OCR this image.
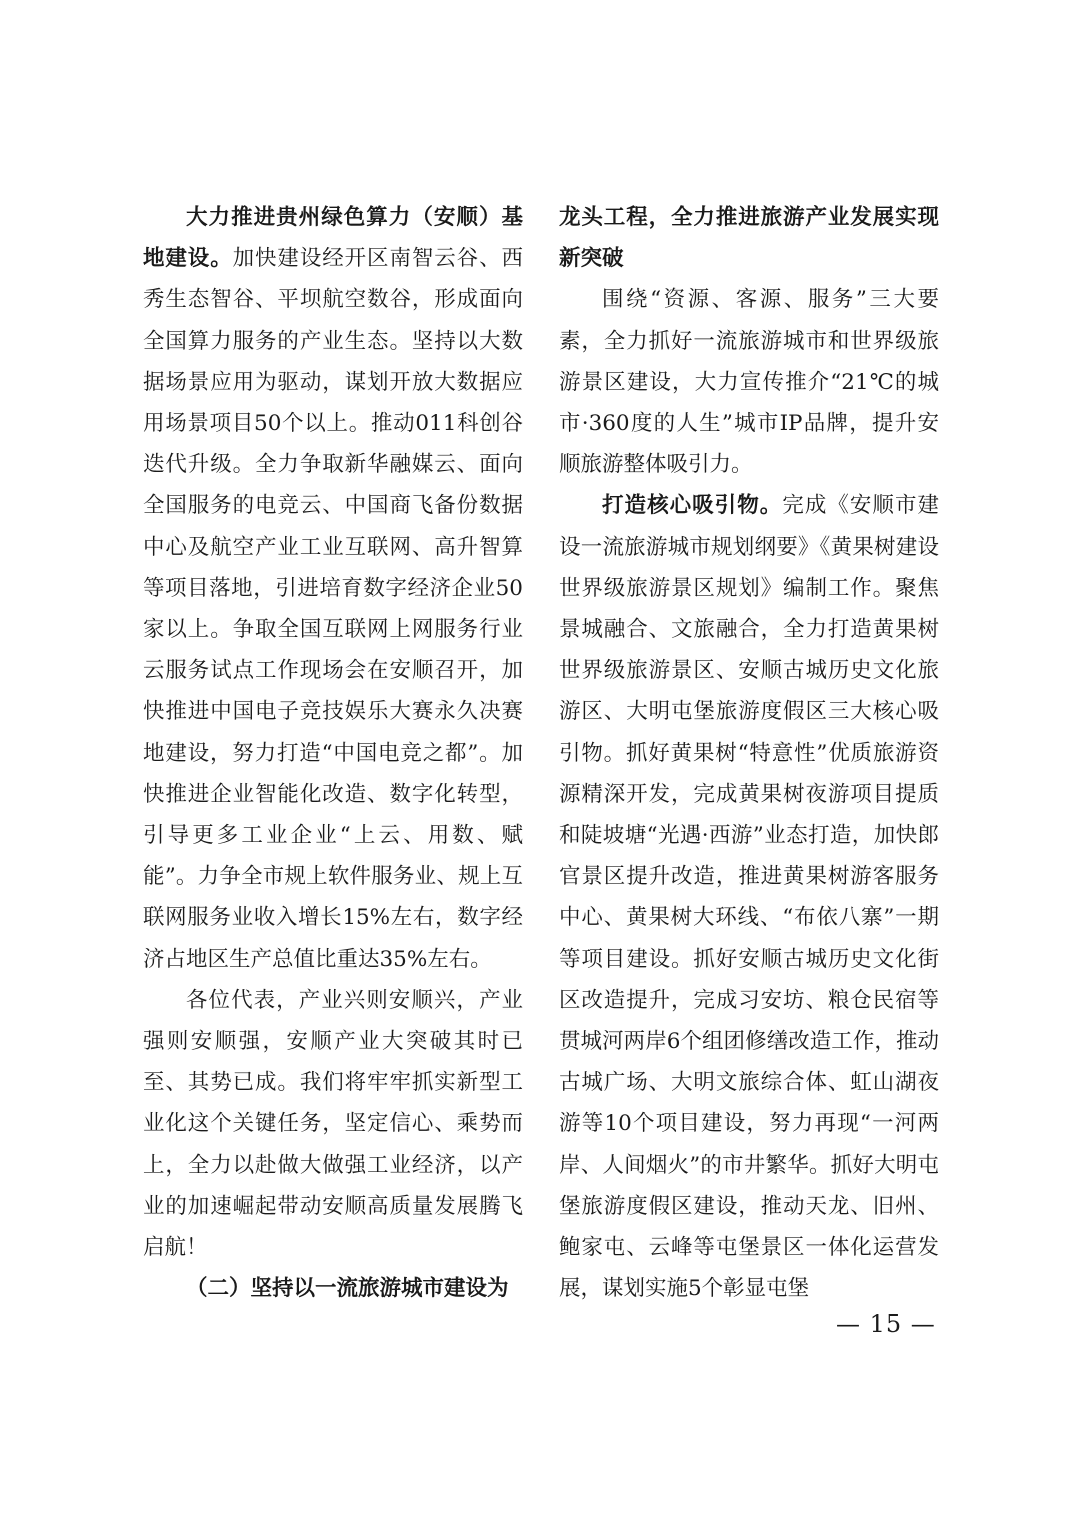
大力推进贵州绿色算力（安顺）基地建设。加快建设经开区南智云谷、西秀生态智谷、平坝航空数谷，形成面向全国算力服务的产业生态。坚持以大数据场景应用为驱动，谋划开放大数据应用场景项目50个以上。推动011科创谷迭代升级。全力争取新华融媒云、面向全国服务的电竞云、中国商飞备份数据中心及航空产业工业互联网、高升智算等项目落地，引进培育数字经济企业50家以上。争取全国互联网上网服务行业云服务试点工作现场会在安顺召开，加快推进中国电子竞技娱乐大赛永久决赛地建设，努力打造“中国电竞之都”。加快推进企业智能化改造、数字化转型，引导更多工业企业“上云、用数、赋能”。力争全市规上软件服务业、规上互联网服务业收入增长15%左右，数字经济占地区生产总值比重达35%左右。

各位代表，产业兴则安顺兴，产业强则安顺强，安顺产业大突破其时已至、其势已成。我们将牢牢抓实新型工业化这个关键任务，坚定信心、乘势而上，全力以赴做大做强工业经济，以产业的加速崛起带动安顺高质量发展腾飞启航！

（二）坚持以一流旅游城市建设为

龙头工程，全力推进旅游产业发展实现新突破

围绕“资源、客源、服务”三大要素，全力抓好一流旅游城市和世界级旅游景区建设，大力宣传推介“21℃的城市·360度的人生”城市IP品牌，提升安顺旅游整体吸引力。

打造核心吸引物。完成《安顺市建设一流旅游城市规划纲要》《黄果树建设世界级旅游景区规划》编制工作。聚焦景城融合、文旅融合，全力打造黄果树世界级旅游景区、安顺古城历史文化旅游区、大明屯堡旅游度假区三大核心吸引物。抓好黄果树“特意性”优质旅游资源精深开发，完成黄果树夜游项目提质和陡坡塘“光遇·西游”业态打造，加快郎官景区提升改造，推进黄果树游客服务中心、黄果树大环线、“布依八寨”一期等项目建设。抓好安顺古城历史文化街区改造提升，完成习安坊、粮仓民宿等贯城河两岸6个组团修缮改造工作，推动古城广场、大明文旅综合体、虹山湖夜游等10个项目建设，努力再现“一河两岸、人间烟火”的市井繁华。抓好大明屯堡旅游度假区建设，推动天龙、旧州、鲍家屯、云峰等屯堡景区一体化运营发展，谋划实施5个彰显屯堡

— 15 —
